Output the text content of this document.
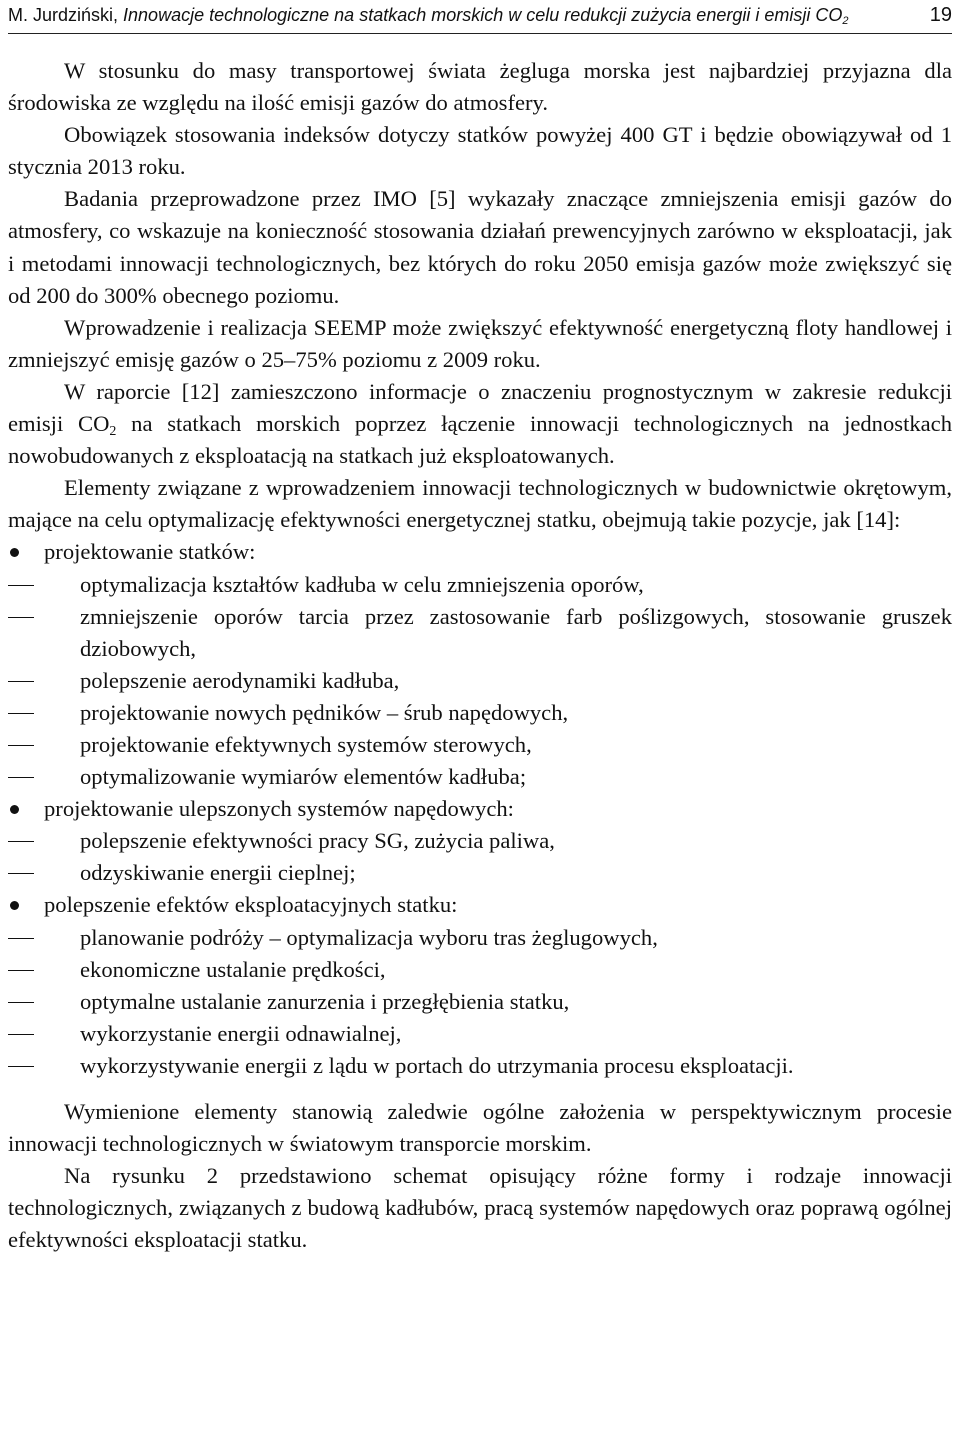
M. Jurdziński, Innowacje technologiczne na statkach morskich w celu redukcji zużycia energii i emisji $CO_2$	19

W stosunku do masy transportowej świata żegluga morska jest najbardziej przyjazna dla środowiska ze względu na ilość emisji gazów do atmosfery.

Obowiązek stosowania indeksów dotyczy statków powyżej 400 GT i będzie obowiązywał od 1 stycznia 2013 roku.

Badania przeprowadzone przez IMO [5] wykazały znaczące zmniejszenia emisji gazów do atmosfery, co wskazuje na konieczność stosowania działań prewencyjnych zarówno w eksploatacji, jak i metodami innowacji technologicznych, bez których do roku 2050 emisja gazów może zwiększyć się od 200 do 300% obecnego poziomu.

Wprowadzenie i realizacja SEEMP może zwiększyć efektywność energetyczną floty handlowej i zmniejszyć emisję gazów o 25–75% poziomu z 2009 roku.

W raporcie [12] zamieszczono informacje o znaczeniu prognostycznym w zakresie redukcji emisji $CO_2$ na statkach morskich poprzez łączenie innowacji technologicznych na jednostkach nowobudowanych z eksploatacją na statkach już eksploatowanych.

Elementy związane z wprowadzeniem innowacji technologicznych w budownictwie okrętowym, mające na celu optymalizację efektywności energetycznej statku, obejmują takie pozycje, jak [14]:

projektowanie statków:
optymalizacja kształtów kadłuba w celu zmniejszenia oporów,
zmniejszenie oporów tarcia przez zastosowanie farb poślizgowych, stosowanie gruszek dziobowych,
polepszenie aerodynamiki kadłuba,
projektowanie nowych pędników – śrub napędowych,
projektowanie efektywnych systemów sterowych,
optymalizowanie wymiarów elementów kadłuba;
projektowanie ulepszonych systemów napędowych:
polepszenie efektywności pracy SG, zużycia paliwa,
odzyskiwanie energii cieplnej;
polepszenie efektów eksploatacyjnych statku:
planowanie podróży – optymalizacja wyboru tras żeglugowych,
ekonomiczne ustalanie prędkości,
optymalne ustalanie zanurzenia i przegłębienia statku,
wykorzystanie energii odnawialnej,
wykorzystywanie energii z lądu w portach do utrzymania procesu eksploatacji.

Wymienione elementy stanowią zaledwie ogólne założenia w perspektywicznym procesie innowacji technologicznych w światowym transporcie morskim.

Na rysunku 2 przedstawiono schemat opisujący różne formy i rodzaje innowacji technologicznych, związanych z budową kadłubów, pracą systemów napędowych oraz poprawą ogólnej efektywności eksploatacji statku.
